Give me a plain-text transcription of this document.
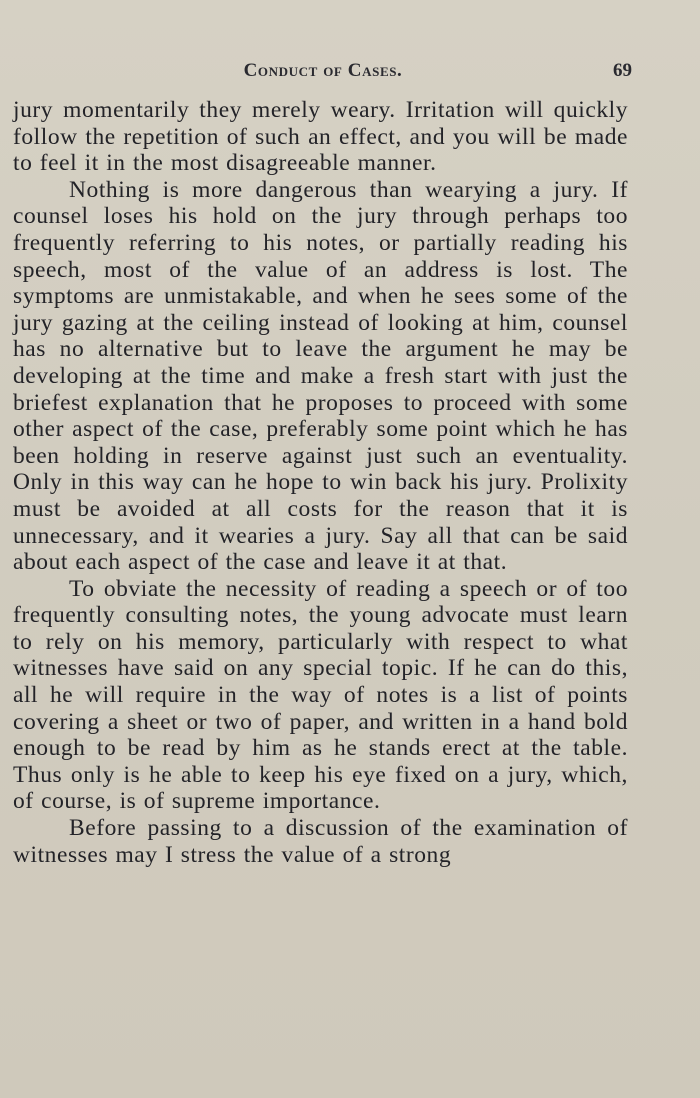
Conduct of Cases.	69

jury momentarily they merely weary. Irritation will quickly follow the repetition of such an effect, and you will be made to feel it in the most disagreeable manner.

Nothing is more dangerous than wearying a jury. If counsel loses his hold on the jury through perhaps too frequently referring to his notes, or partially reading his speech, most of the value of an address is lost. The symptoms are unmistakable, and when he sees some of the jury gazing at the ceiling instead of looking at him, counsel has no alternative but to leave the argument he may be developing at the time and make a fresh start with just the briefest explanation that he proposes to proceed with some other aspect of the case, preferably some point which he has been holding in reserve against just such an eventuality. Only in this way can he hope to win back his jury. Prolixity must be avoided at all costs for the reason that it is unnecessary, and it wearies a jury. Say all that can be said about each aspect of the case and leave it at that.

To obviate the necessity of reading a speech or of too frequently consulting notes, the young advocate must learn to rely on his memory, particularly with respect to what witnesses have said on any special topic. If he can do this, all he will require in the way of notes is a list of points covering a sheet or two of paper, and written in a hand bold enough to be read by him as he stands erect at the table. Thus only is he able to keep his eye fixed on a jury, which, of course, is of supreme importance.

Before passing to a discussion of the examination of witnesses may I stress the value of a strong
